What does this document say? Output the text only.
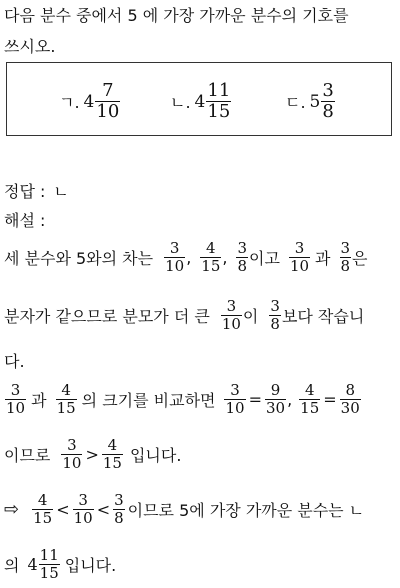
다음 분수 중에서 5 에 가장 가까운 분수의 기호를
쓰시오.
ㄱ. $4 \frac{7}{10}$	ㄴ. $4 \frac{11}{15}$	ㄷ. $5 \frac{3}{8}$
정답 : ㄴ
해설 :
세 분수와 5와의 차는 $\frac{3}{10}$ , $\frac{4}{15}$ , $\frac{3}{8}$ 이고 $\frac{3}{10}$ 과 $\frac{3}{8}$ 은
분자가 같으므로 분모가 더 큰 $\frac{3}{10}$ 이 $\frac{3}{8}$ 보다 작습니
다.
$\frac{3}{10}$ 과 $\frac{4}{15}$ 의 크기를 비교하면 $\frac{3}{10} = \frac{9}{30}$ , $\frac{4}{15} = \frac{8}{30}$
이므로 $\frac{3}{10} > \frac{4}{15}$ 입니다.
⇨ $\frac{4}{15} < \frac{3}{10} < \frac{3}{8}$ 이므로 5에 가장 가까운 분수는 ㄴ
의 $4 \frac{11}{15}$ 입니다.
